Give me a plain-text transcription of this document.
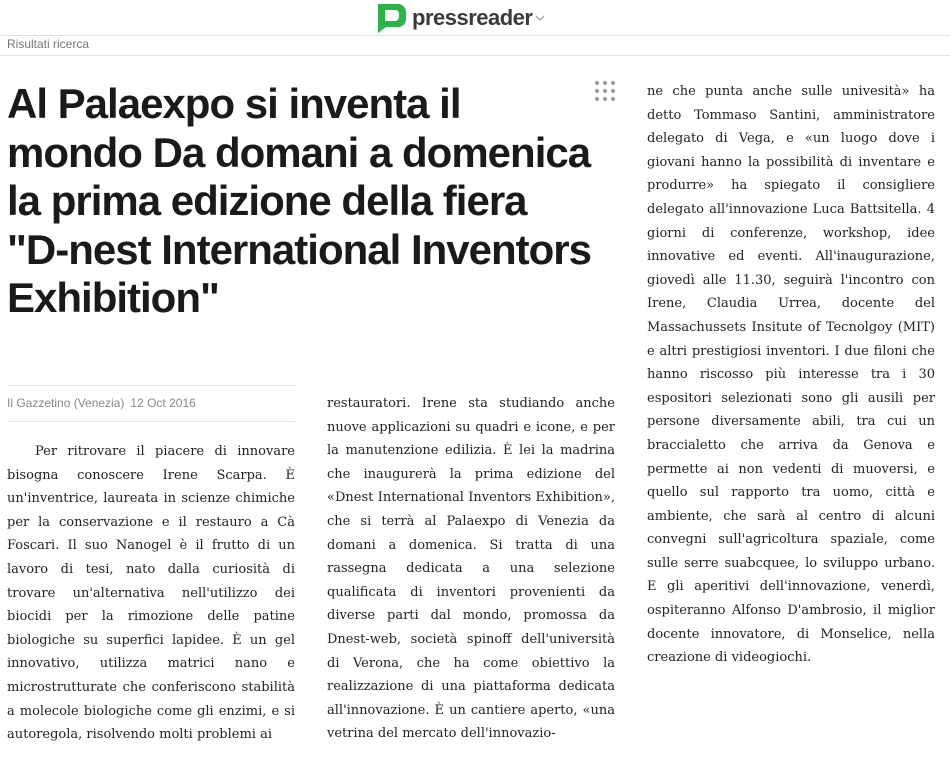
pressreader
Risultati ricerca
Al Palaexpo si inventa il mondo Da domani a domenica la prima edizione della fiera "D-nest International Inventors Exhibition"
Il Gazzetino (Venezia) 12 Oct 2016

Per ritrovare il piacere di innovare bisogna conoscere Irene Scarpa. È un'inventrice, laureata in scienze chimiche per la conservazione e il restauro a Cà Foscari. Il suo Nanogel è il frutto di un lavoro di tesi, nato dalla curiosità di trovare un'alternativa nell'utilizzo dei biocidi per la rimozione delle patine biologiche su superfici lapidee. È un gel innovativo, utilizza matrici nano e microstrutturate che conferiscono stabilità a molecole biologiche come gli enzimi, e si autoregola, risolvendo molti problemi ai

restauratori. Irene sta studiando anche nuove applicazioni su quadri e icone, e per la manutenzione edilizia. È lei la madrina che inaugurerà la prima edizione del «Dnest International Inventors Exhibition», che si terrà al Palaexpo di Venezia da domani a domenica. Si tratta di una rassegna dedicata a una selezione qualificata di inventori provenienti da diverse parti dal mondo, promossa da Dnest-web, società spinoff dell'università di Verona, che ha come obiettivo la realizzazione di una piattaforma dedicata all'innovazione. È un cantiere aperto, «una vetrina del mercato dell'innovazio-

ne che punta anche sulle univesità» ha detto Tommaso Santini, amministratore delegato di Vega, e «un luogo dove i giovani hanno la possibilità di inventare e produrre» ha spiegato il consigliere delegato all'innovazione Luca Battsitella. 4 giorni di conferenze, workshop, idee innovative ed eventi. All'inaugurazione, giovedì alle 11.30, seguirà l'incontro con Irene, Claudia Urrea, docente del Massachussets Insitute of Tecnolgoy (MIT) e altri prestigiosi inventori. I due filoni che hanno riscosso più interesse tra i 30 espositori selezionati sono gli ausili per persone diversamente abili, tra cui un braccialetto che arriva da Genova e permette ai non vedenti di muoversi, e quello sul rapporto tra uomo, città e ambiente, che sarà al centro di alcuni convegni sull'agricoltura spaziale, come sulle serre suabcquee, lo sviluppo urbano. E gli aperitivi dell'innovazione, venerdì, ospiteranno Alfonso D'ambrosio, il miglior docente innovatore, di Monselice, nella creazione di videogiochi.
